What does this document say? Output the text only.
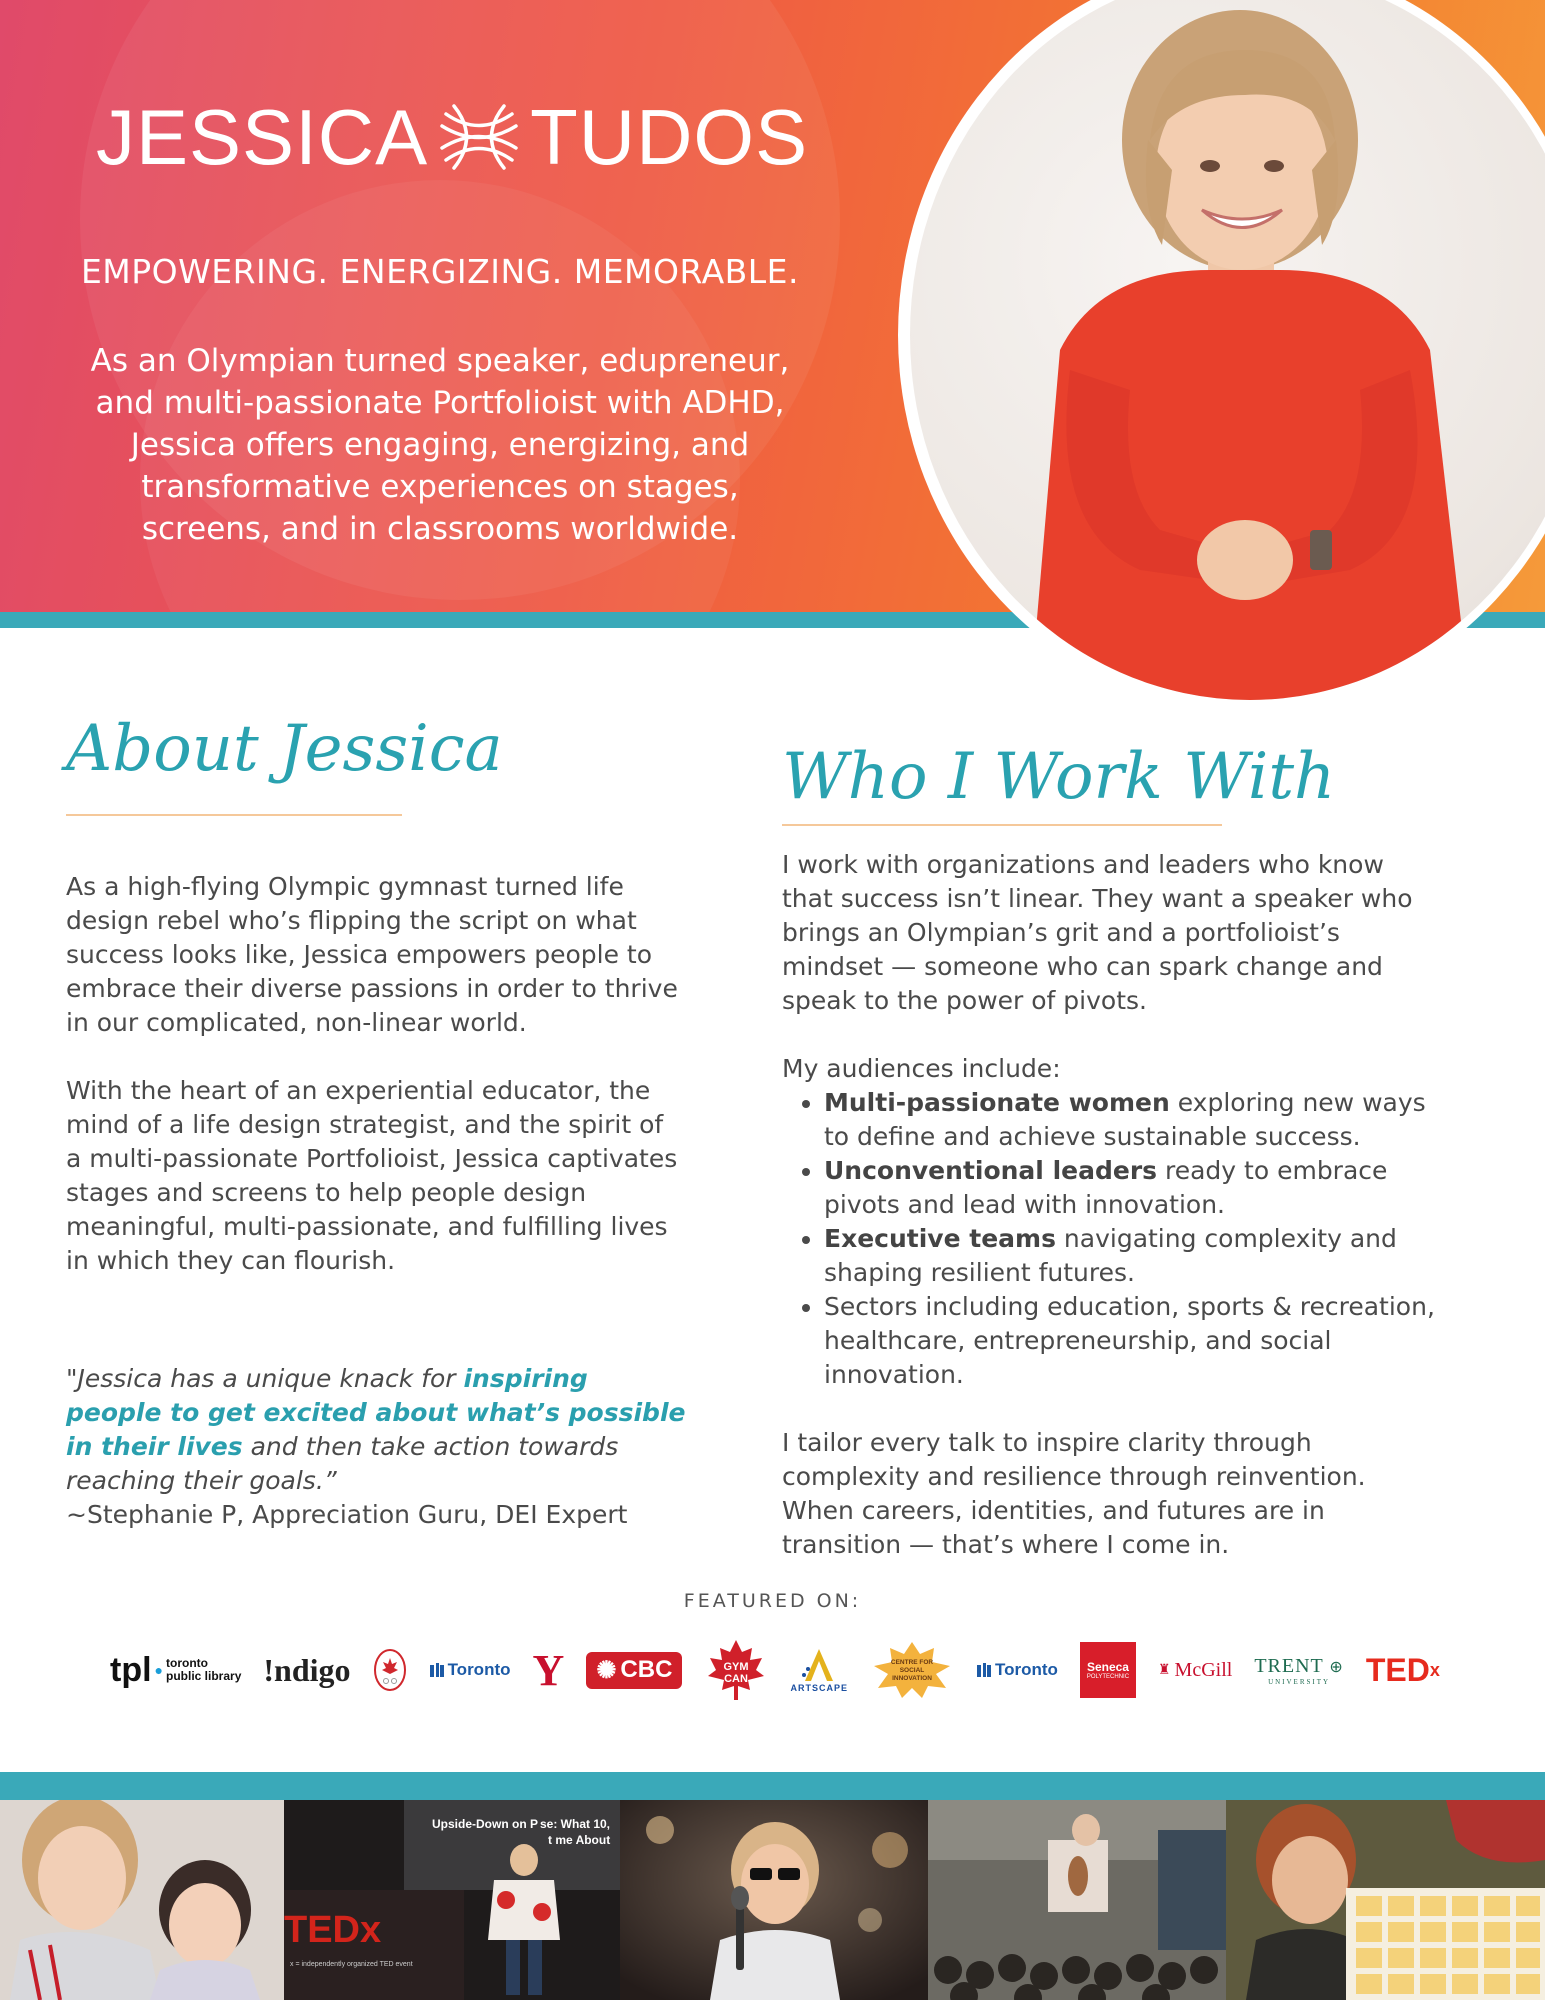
JESSICA TUDOS
EMPOWERING. ENERGIZING. MEMORABLE.
As an Olympian turned speaker, edupreneur,
and multi-passionate Portfolioist with ADHD,
Jessica offers engaging, energizing, and
transformative experiences on stages,
screens, and in classrooms worldwide.
About Jessica

As a high-flying Olympic gymnast turned life design rebel who’s flipping the script on what success looks like, Jessica empowers people to embrace their diverse passions in order to thrive in our complicated, non-linear world.

With the heart of an experiential educator, the mind of a life design strategist, and the spirit of a multi-passionate Portfolioist, Jessica captivates stages and screens to help people design meaningful, multi-passionate, and fulfilling lives in which they can flourish.

"Jessica has a unique knack for inspiring people to get excited about what’s possible in their lives and then take action towards reaching their goals.”
~Stephanie P, Appreciation Guru, DEI Expert
Who I Work With

I work with organizations and leaders who know that success isn’t linear. They want a speaker who brings an Olympian’s grit and a portfolioist’s mindset — someone who can spark change and speak to the power of pivots.

My audiences include:
• Multi-passionate women exploring new ways to define and achieve sustainable success.
• Unconventional leaders ready to embrace pivots and lead with innovation.
• Executive teams navigating complexity and shaping resilient futures.
• Sectors including education, sports & recreation, healthcare, entrepreneurship, and social innovation.

I tailor every talk to inspire clarity through complexity and resilience through reinvention. When careers, identities, and futures are in transition — that’s where I come in.

FEATURED ON:
tpl ● toronto
public library !ndigo	Toronto Y ✺ CBC	GYM
CAN
ARTSCAPE
CENTRE FOR
SOCIAL
INNOVATION	Toronto Seneca
POLYTECHNIC ♜ McGill TRENT ⊕
UNIVERSITY TED x
Upside-Down on P se: What 10,
t me About
TEDx
x = independently organized TED event
